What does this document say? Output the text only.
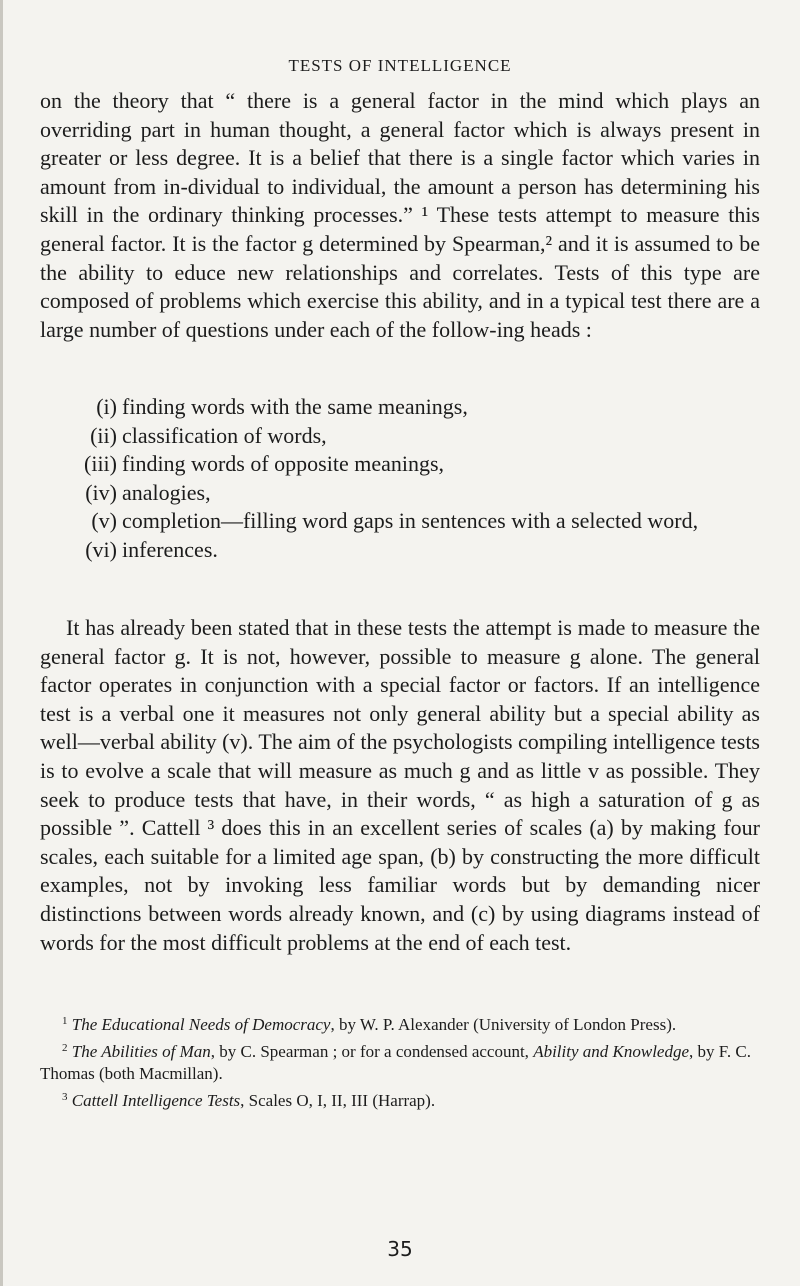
TESTS OF INTELLIGENCE
on the theory that “ there is a general factor in the mind which plays an overriding part in human thought, a general factor which is always present in greater or less degree. It is a belief that there is a single factor which varies in amount from in-dividual to individual, the amount a person has determining his skill in the ordinary thinking processes.” ¹ These tests attempt to measure this general factor. It is the factor g determined by Spearman,² and it is assumed to be the ability to educe new relationships and correlates. Tests of this type are composed of problems which exercise this ability, and in a typical test there are a large number of questions under each of the follow-ing heads :
(i) finding words with the same meanings,
(ii) classification of words,
(iii) finding words of opposite meanings,
(iv) analogies,
(v) completion—filling word gaps in sentences with a selected word,
(vi) inferences.
It has already been stated that in these tests the attempt is made to measure the general factor g. It is not, however, possible to measure g alone. The general factor operates in conjunction with a special factor or factors. If an intelligence test is a verbal one it measures not only general ability but a special ability as well—verbal ability (v). The aim of the psychologists compiling intelligence tests is to evolve a scale that will measure as much g and as little v as possible. They seek to produce tests that have, in their words, “ as high a saturation of g as possible ”. Cattell ³ does this in an excellent series of scales (a) by making four scales, each suitable for a limited age span, (b) by constructing the more difficult examples, not by invoking less familiar words but by demanding nicer distinctions between words already known, and (c) by using diagrams instead of words for the most difficult problems at the end of each test.
$^1$ The Educational Needs of Democracy, by W. P. Alexander (University of London Press).
$^2$ The Abilities of Man, by C. Spearman ; or for a condensed account, Ability and Knowledge, by F. C. Thomas (both Macmillan).
$^3$ Cattell Intelligence Tests, Scales O, I, II, III (Harrap).
35
